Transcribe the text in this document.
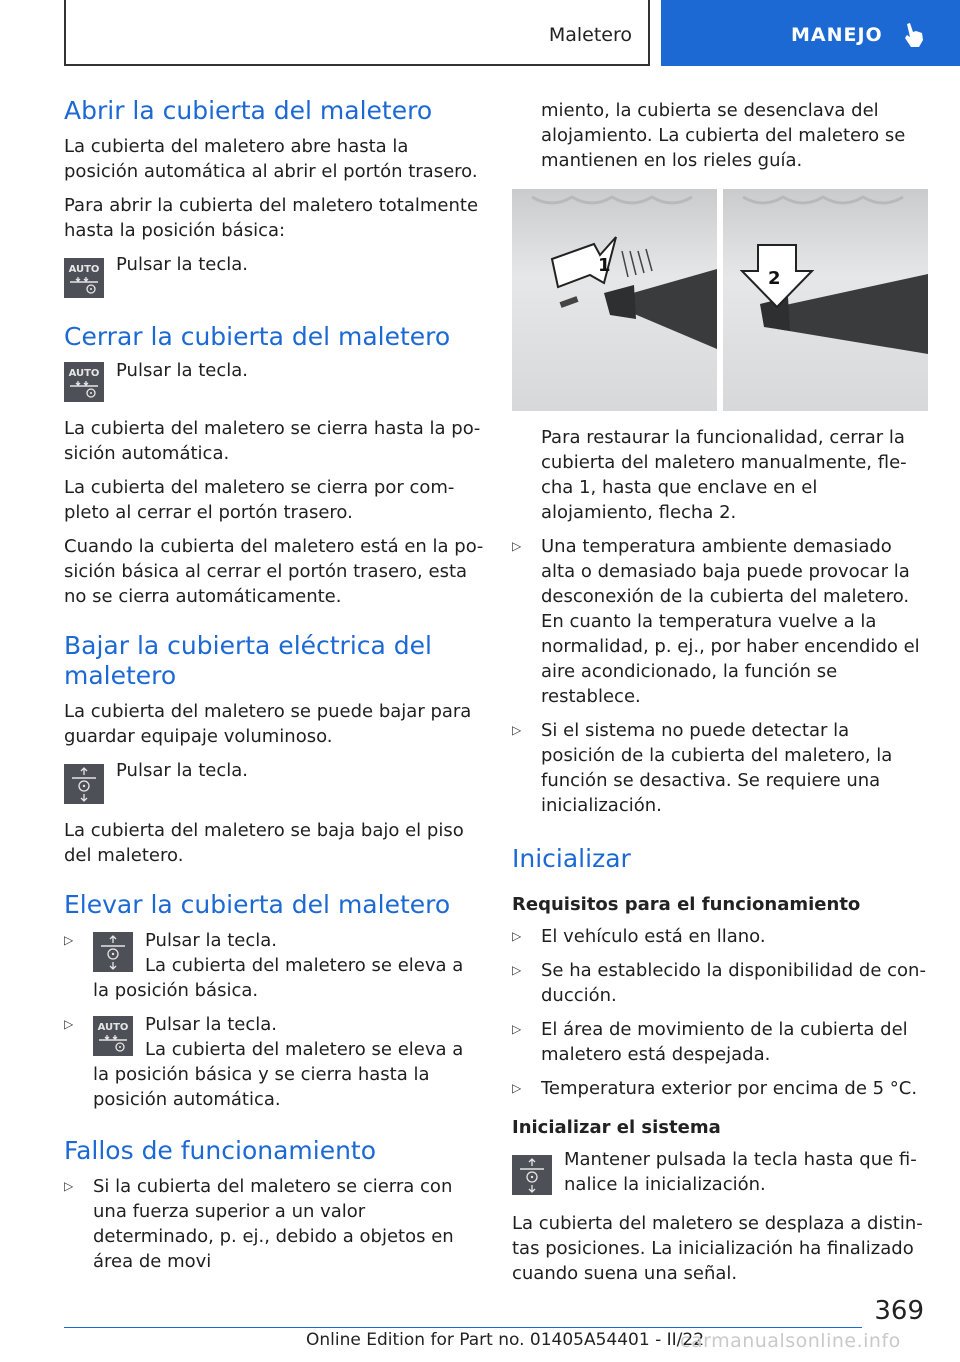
Maletero	MANEJO
Abrir la cubierta del maletero
La cubierta del maletero abre hasta la posición automática al abrir el portón trasero.
Para abrir la cubierta del maletero totalmente hasta la posición básica:
Pulsar la tecla.
Cerrar la cubierta del maletero
Pulsar la tecla.
La cubierta del maletero se cierra hasta la posición automática.
La cubierta del maletero se cierra por completo al cerrar el portón trasero.
Cuando la cubierta del maletero está en la posición básica al cerrar el portón trasero, esta no se cierra automáticamente.
Bajar la cubierta eléctrica del maletero
La cubierta del maletero se puede bajar para guardar equipaje voluminoso.
Pulsar la tecla.
La cubierta del maletero se baja bajo el piso del maletero.
Elevar la cubierta del maletero
▷	Pulsar la tecla.
La cubierta del maletero se eleva a la posición básica.
▷	Pulsar la tecla.
La cubierta del maletero se eleva a la posición básica y se cierra hasta la posición automática.
Fallos de funcionamiento
▷	Si la cubierta del maletero se cierra con una fuerza superior a un valor determinado, p. ej., debido a objetos en área de movi
miento, la cubierta se desenclava del alojamiento. La cubierta del maletero se mantienen en los rieles guía.
1
2
Para restaurar la funcionalidad, cerrar la cubierta del maletero manualmente, flecha 1, hasta que enclave en el alojamiento, flecha 2.
▷	Una temperatura ambiente demasiado alta o demasiado baja puede provocar la desconexión de la cubierta del maletero. En cuanto la temperatura vuelve a la normalidad, p. ej., por haber encendido el aire acondicionado, la función se restablece.
▷	Si el sistema no puede detectar la posición de la cubierta del maletero, la función se desactiva. Se requiere una inicialización.
Inicializar
Requisitos para el funcionamiento
▷	El vehículo está en llano.
▷	Se ha establecido la disponibilidad de conducción.
▷	El área de movimiento de la cubierta del maletero está despejada.
▷	Temperatura exterior por encima de 5 °C.
Inicializar el sistema
Mantener pulsada la tecla hasta que finalice la inicialización.
La cubierta del maletero se desplaza a distintas posiciones. La inicialización ha finalizado cuando suena una señal.
369
Online Edition for Part no. 01405A54401 - II/22
carmanualsonline.info
